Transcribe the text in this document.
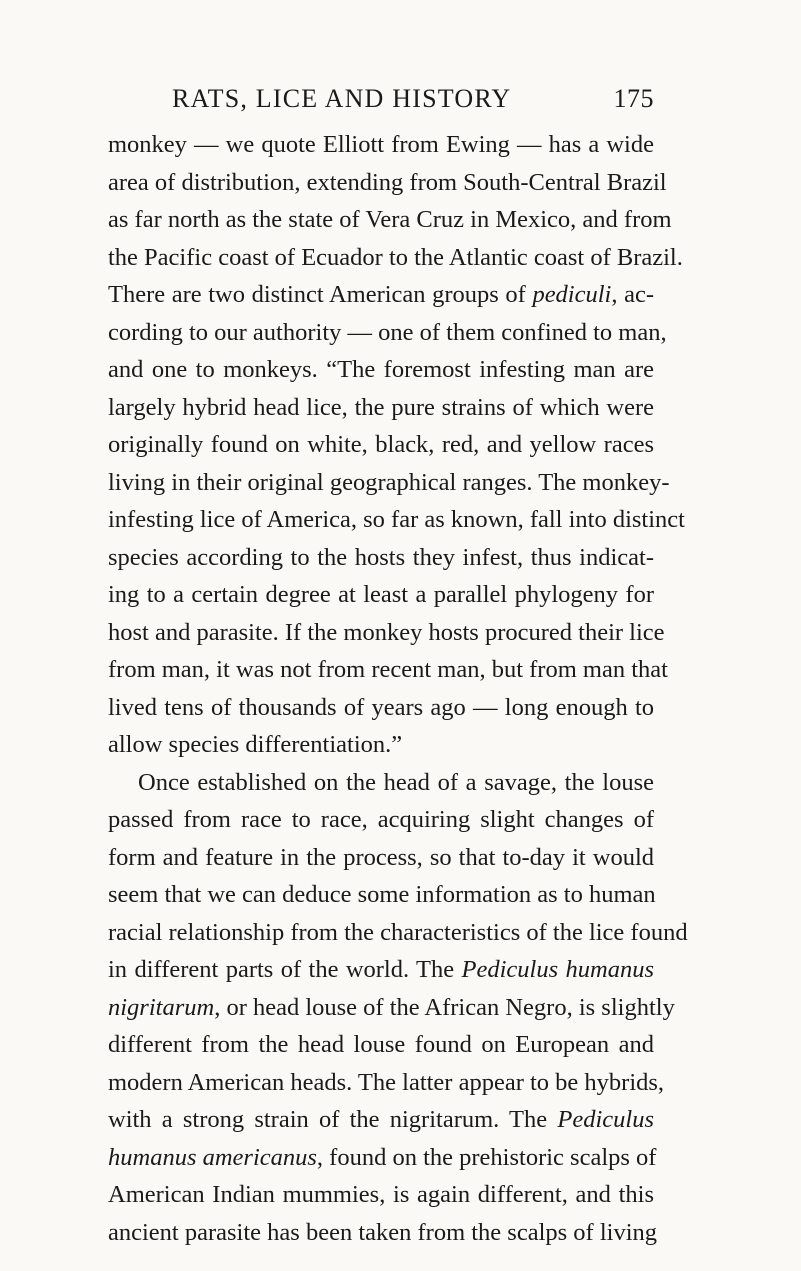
RATS, LICE AND HISTORY	175
monkey — we quote Elliott from Ewing — has a wide
area of distribution, extending from South-Central Brazil
as far north as the state of Vera Cruz in Mexico, and from
the Pacific coast of Ecuador to the Atlantic coast of Brazil.
There are two distinct American groups of pediculi, ac-
cording to our authority — one of them confined to man,
and one to monkeys. “The foremost infesting man are
largely hybrid head lice, the pure strains of which were
originally found on white, black, red, and yellow races
living in their original geographical ranges. The monkey-
infesting lice of America, so far as known, fall into distinct
species according to the hosts they infest, thus indicat-
ing to a certain degree at least a parallel phylogeny for
host and parasite. If the monkey hosts procured their lice
from man, it was not from recent man, but from man that
lived tens of thousands of years ago — long enough to
allow species differentiation.”
Once established on the head of a savage, the louse
passed from race to race, acquiring slight changes of
form and feature in the process, so that to-day it would
seem that we can deduce some information as to human
racial relationship from the characteristics of the lice found
in different parts of the world. The Pediculus humanus
nigritarum, or head louse of the African Negro, is slightly
different from the head louse found on European and
modern American heads. The latter appear to be hybrids,
with a strong strain of the nigritarum. The Pediculus
humanus americanus, found on the prehistoric scalps of
American Indian mummies, is again different, and this
ancient parasite has been taken from the scalps of living
